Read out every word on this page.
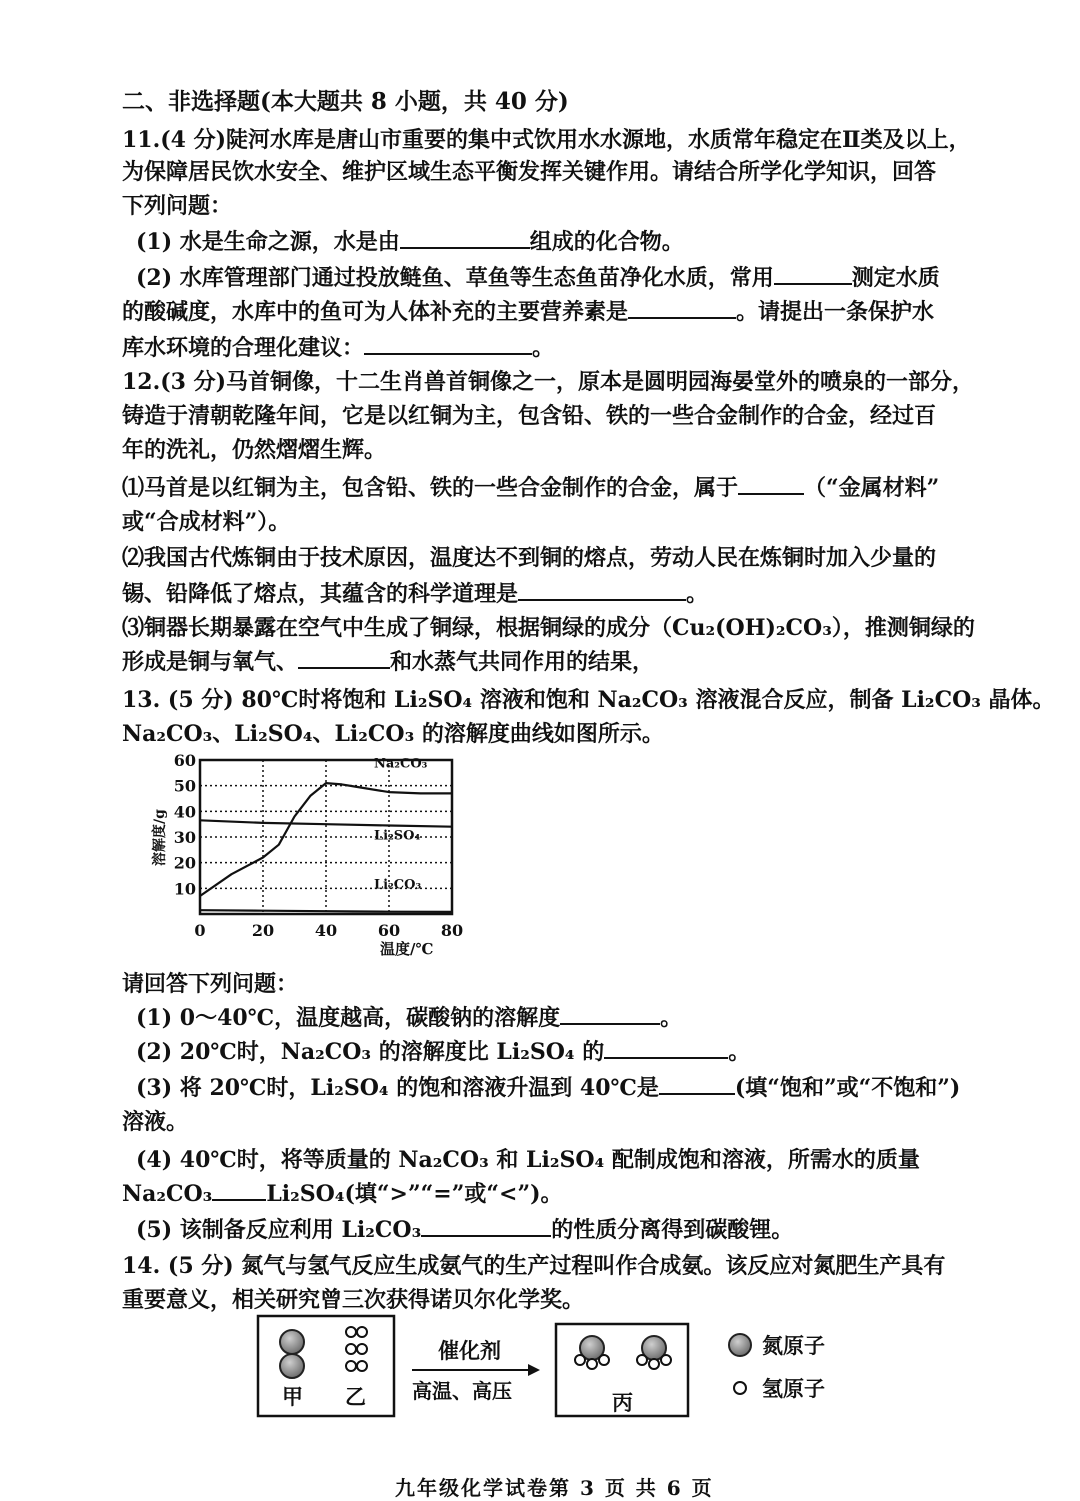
二、非选择题(本大题共 8 小题，共 40 分)
11.(4 分)陡河水库是唐山市重要的集中式饮用水水源地，水质常年稳定在Ⅱ类及以上，
为保障居民饮水安全、维护区域生态平衡发挥关键作用。请结合所学化学知识，回答
下列问题：
(1) 水是生命之源，水是由	组成的化合物。
(2) 水库管理部门通过投放鲢鱼、草鱼等生态鱼苗净化水质，常用	测定水质
的酸碱度，水库中的鱼可为人体补充的主要营养素是	。请提出一条保护水
库水环境的合理化建议：	。
12.(3 分)马首铜像，十二生肖兽首铜像之一，原本是圆明园海晏堂外的喷泉的一部分，
铸造于清朝乾隆年间，它是以红铜为主，包含铅、铁的一些合金制作的合金，经过百
年的洗礼，仍然熠熠生辉。
⑴马首是以红铜为主，包含铅、铁的一些合金制作的合金，属于	（“金属材料”
或“合成材料”）。
⑵我国古代炼铜由于技术原因，温度达不到铜的熔点，劳动人民在炼铜时加入少量的
锡、铅降低了熔点，其蕴含的科学道理是	。
⑶铜器长期暴露在空气中生成了铜绿，根据铜绿的成分（Cu₂(OH)₂CO₃），推测铜绿的
形成是铜与氧气、	和水蒸气共同作用的结果，
13. (5 分) 80℃时将饱和 Li₂SO₄ 溶液和饱和 Na₂CO₃ 溶液混合反应，制备 Li₂CO₃ 晶体。
Na₂CO₃、Li₂SO₄、Li₂CO₃ 的溶解度曲线如图所示。
10
20
30
40
50
60
0	20	40	60	80
Na₂CO₃
Li₂SO₄
Li₂CO₃
溶解度/g
温度/℃
请回答下列问题：
(1) 0～40℃，温度越高，碳酸钠的溶解度	。
(2) 20℃时，Na₂CO₃ 的溶解度比 Li₂SO₄ 的	。
(3) 将 20℃时，Li₂SO₄ 的饱和溶液升温到 40℃是	(填“饱和”或“不饱和”)
溶液。
(4) 40℃时，将等质量的 Na₂CO₃ 和 Li₂SO₄ 配制成饱和溶液，所需水的质量
Na₂CO₃ Li₂SO₄(填“>”“=”或“<”)。
(5) 该制备反应利用 Li₂CO₃	的性质分离得到碳酸锂。
14. (5 分) 氮气与氢气反应生成氨气的生产过程叫作合成氨。该反应对氮肥生产具有
重要意义，相关研究曾三次获得诺贝尔化学奖。
甲 乙
催化剂
高温、高压	丙
氮原子
氢原子
九年级化学试卷第 3 页 共 6 页
